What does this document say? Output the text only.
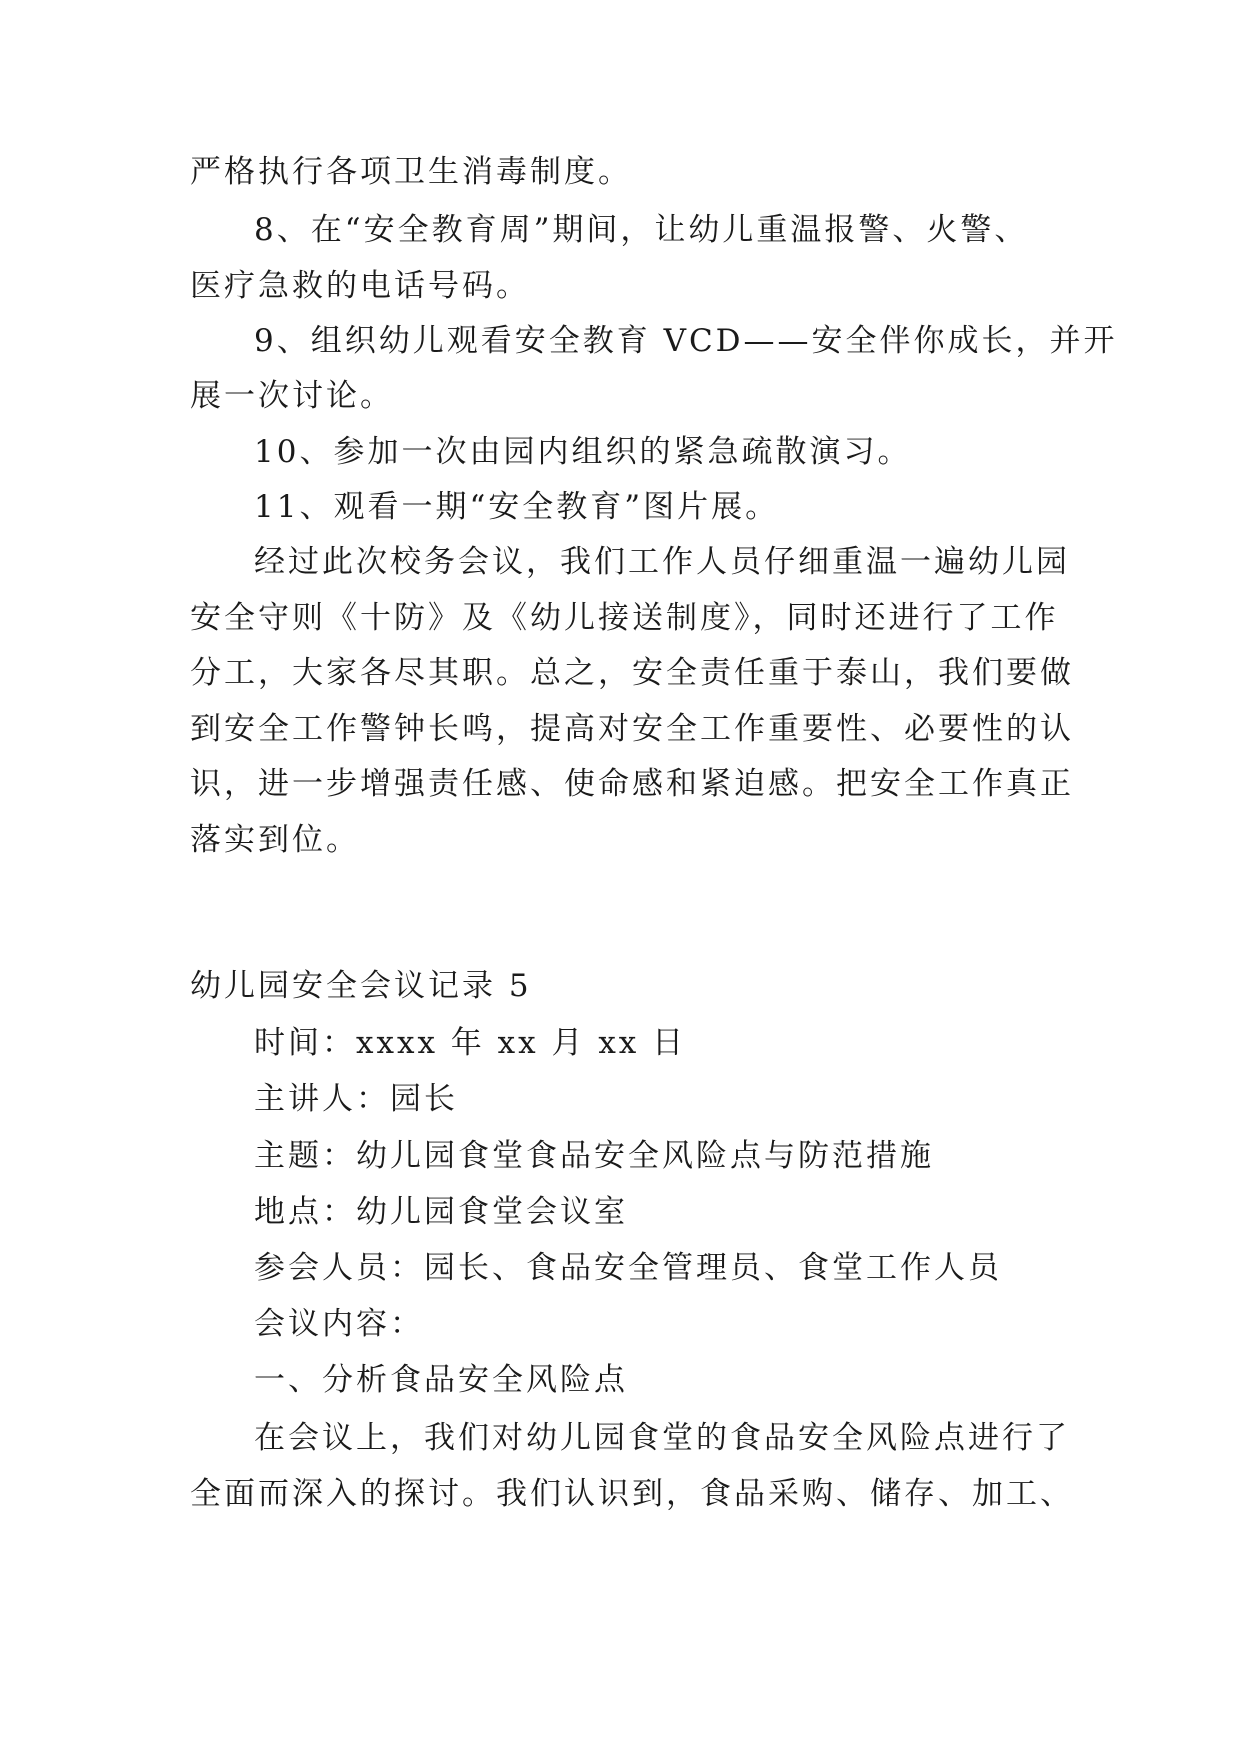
严格执行各项卫生消毒制度。
8、在“安全教育周”期间，让幼儿重温报警、火警、
医疗急救的电话号码。
9、组织幼儿观看安全教育 VCD——安全伴你成长，并开
展一次讨论。
10、参加一次由园内组织的紧急疏散演习。
11、观看一期“安全教育”图片展。
经过此次校务会议，我们工作人员仔细重温一遍幼儿园
安全守则《十防》及《幼儿接送制度》，同时还进行了工作
分工，大家各尽其职。总之，安全责任重于泰山，我们要做
到安全工作警钟长鸣，提高对安全工作重要性、必要性的认
识，进一步增强责任感、使命感和紧迫感。把安全工作真正
落实到位。
幼儿园安全会议记录 5
时间：xxxx 年 xx 月 xx 日
主讲人：园长
主题：幼儿园食堂食品安全风险点与防范措施
地点：幼儿园食堂会议室
参会人员：园长、食品安全管理员、食堂工作人员
会议内容：
一、分析食品安全风险点
在会议上，我们对幼儿园食堂的食品安全风险点进行了
全面而深入的探讨。我们认识到，食品采购、储存、加工、
